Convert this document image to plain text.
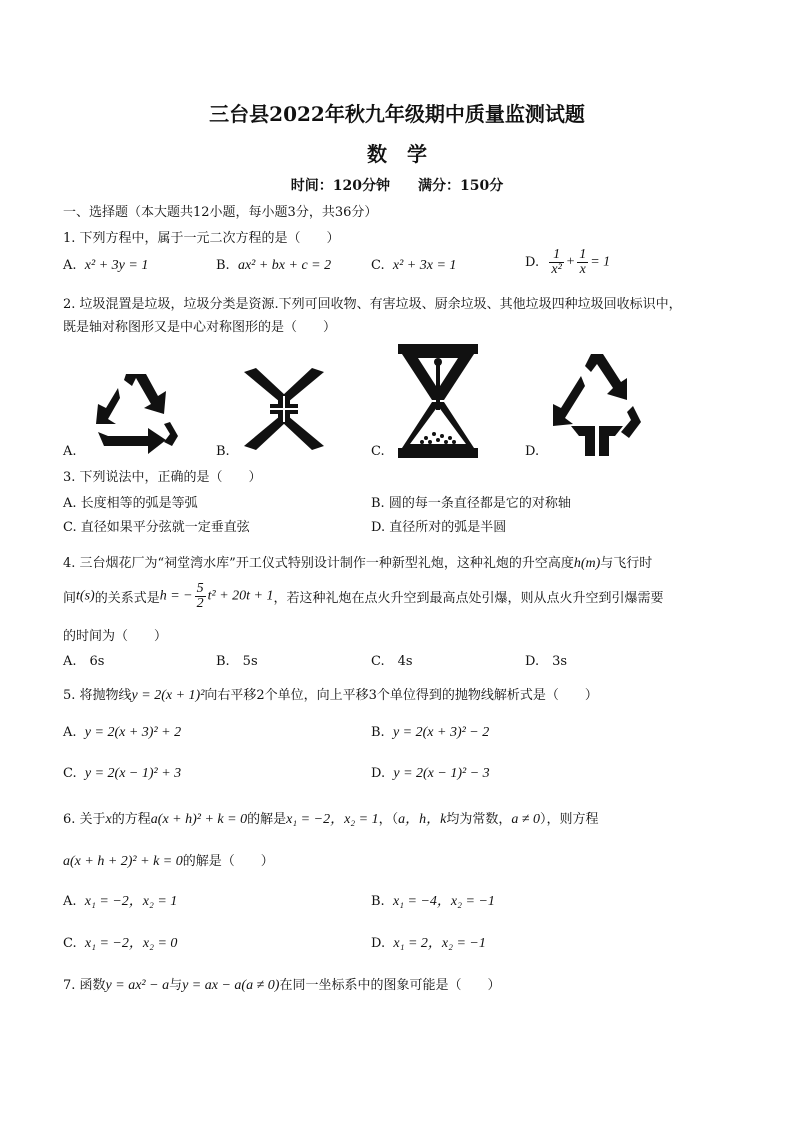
三台县2022年秋九年级期中质量监测试题
数　学
时间：120分钟　　满分：150分
一、选择题（本大题共12小题，每小题3分，共36分）
1. 下列方程中，属于一元二次方程的是（　　）
A. x² + 3y = 1	B. ax² + bx + c = 2	C. x² + 3x = 1	D. $\frac{1}{\text{x²}} + \frac{1}{x} = 1$
2. 垃圾混置是垃圾，垃圾分类是资源.下列可回收物、有害垃圾、厨余垃圾、其他垃圾四种垃圾回收标识中，
既是轴对称图形又是中心对称图形的是（　　）
A.	B.	C.	D.
3. 下列说法中，正确的是（　　）
A. 长度相等的弧是等弧	B. 圆的每一条直径都是它的对称轴
C. 直径如果平分弦就一定垂直弦	D. 直径所对的弧是半圆
4. 三台烟花厂为“祠堂湾水库”开工仪式特别设计制作一种新型礼炮，这种礼炮的升空高度h(m)与飞行时
间t(s)的关系式是h = − $\frac{5}{2} t^2 + 20t + 1$，若这种礼炮在点火升空到最高点处引爆，则从点火升空到引爆需要
的时间为（　　）
A.　6s	B.　5s	C.　4s	D.　3s
5. 将抛物线y = 2(x + 1)²向右平移2个单位，向上平移3个单位得到的抛物线解析式是（　　）
A. y = 2(x + 3)² + 2	B. y = 2(x + 3)² − 2
C. y = 2(x − 1)² + 3	D. y = 2(x − 1)² − 3
6. 关于x的方程a(x + h)² + k = 0的解是x₁ = −2，x₂ = 1，（a，h，k均为常数，a ≠ 0），则方程
a(x + h + 2)² + k = 0的解是（　　）
A. x₁ = −2，x₂ = 1	B. x₁ = −4，x₂ = −1
C. x₁ = −2，x₂ = 0	D. x₁ = 2，x₂ = −1
7. 函数y = ax² − a与y = ax − a(a ≠ 0)在同一坐标系中的图象可能是（　　）
